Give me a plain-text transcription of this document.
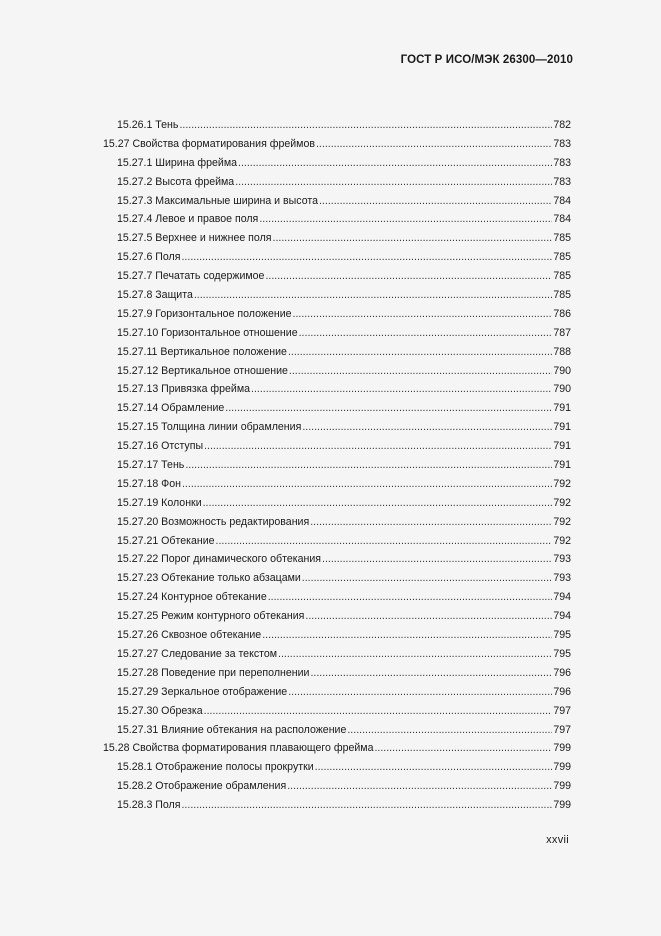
ГОСТ Р ИСО/МЭК 26300—2010
15.26.1 Тень .....	782
15.27 Свойства форматирования фреймов .....	783
15.27.1 Ширина фрейма .....	783
15.27.2 Высота фрейма .....	783
15.27.3 Максимальные ширина и высота .....	784
15.27.4 Левое и правое поля .....	784
15.27.5 Верхнее и нижнее поля .....	785
15.27.6 Поля .....	785
15.27.7 Печатать содержимое .....	785
15.27.8 Защита .....	785
15.27.9 Горизонтальное положение .....	786
15.27.10 Горизонтальное отношение .....	787
15.27.11 Вертикальное положение .....	788
15.27.12 Вертикальное отношение .....	790
15.27.13 Привязка фрейма .....	790
15.27.14 Обрамление .....	791
15.27.15 Толщина линии обрамления .....	791
15.27.16 Отступы .....	791
15.27.17 Тень .....	791
15.27.18 Фон .....	792
15.27.19 Колонки .....	792
15.27.20 Возможность редактирования .....	792
15.27.21 Обтекание .....	792
15.27.22 Порог динамического обтекания .....	793
15.27.23 Обтекание только абзацами .....	793
15.27.24 Контурное обтекание .....	794
15.27.25 Режим контурного обтекания .....	794
15.27.26 Сквозное обтекание .....	795
15.27.27 Следование за текстом .....	795
15.27.28 Поведение при переполнении .....	796
15.27.29 Зеркальное отображение .....	796
15.27.30 Обрезка .....	797
15.27.31 Влияние обтекания на расположение .....	797
15.28 Свойства форматирования плавающего фрейма .....	799
15.28.1 Отображение полосы прокрутки .....	799
15.28.2 Отображение обрамления .....	799
15.28.3 Поля .....	799
xxvii
